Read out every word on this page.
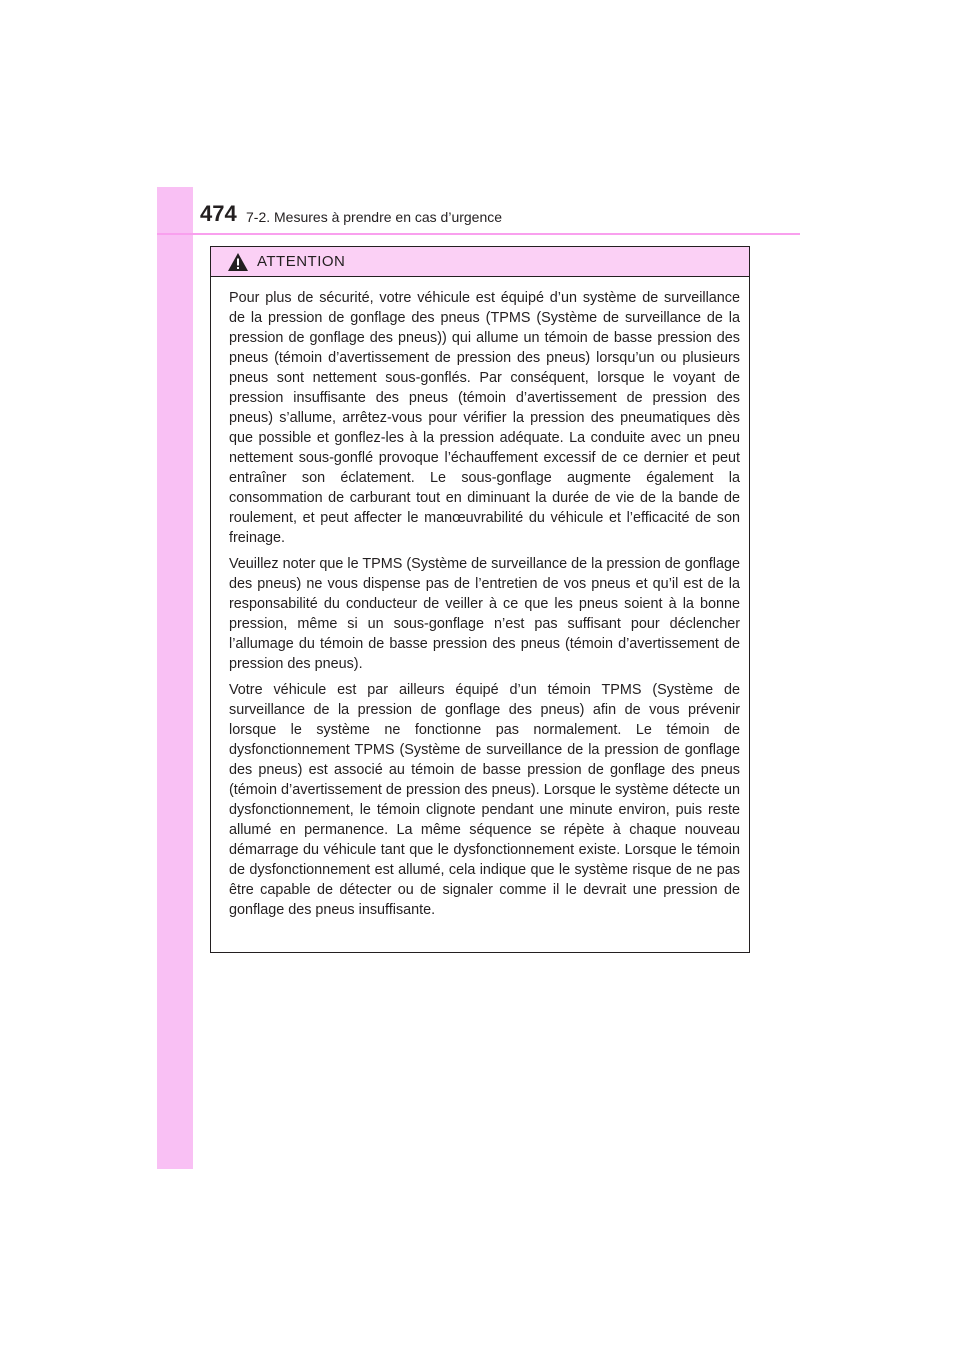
474 7-2. Mesures à prendre en cas d’urgence
ATTENTION

Pour plus de sécurité, votre véhicule est équipé d’un système de surveillance de la pression de gonflage des pneus (TPMS (Système de surveillance de la pression de gonflage des pneus)) qui allume un témoin de basse pression des pneus (témoin d’avertissement de pression des pneus) lorsqu’un ou plusieurs pneus sont nettement sous-gonflés. Par conséquent, lorsque le voyant de pression insuffisante des pneus (témoin d’avertissement de pression des pneus) s’allume, arrêtez-vous pour vérifier la pression des pneumatiques dès que possible et gonflez-les à la pression adéquate. La conduite avec un pneu nettement sous-gonflé provoque l’échauffement excessif de ce dernier et peut entraîner son éclatement. Le sous-gonflage augmente également la consommation de carburant tout en diminuant la durée de vie de la bande de roulement, et peut affecter le manœuvrabilité du véhicule et l’efficacité de son freinage.

Veuillez noter que le TPMS (Système de surveillance de la pression de gonflage des pneus) ne vous dispense pas de l’entretien de vos pneus et qu’il est de la responsabilité du conducteur de veiller à ce que les pneus soient à la bonne pression, même si un sous-gonflage n’est pas suffisant pour déclencher l’allumage du témoin de basse pression des pneus (témoin d’avertissement de pression des pneus).

Votre véhicule est par ailleurs équipé d’un témoin TPMS (Système de surveillance de la pression de gonflage des pneus) afin de vous prévenir lorsque le système ne fonctionne pas normalement. Le témoin de dysfonctionnement TPMS (Système de surveillance de la pression de gonflage des pneus) est associé au témoin de basse pression de gonflage des pneus (témoin d’avertissement de pression des pneus). Lorsque le système détecte un dysfonctionnement, le témoin clignote pendant une minute environ, puis reste allumé en permanence. La même séquence se répète à chaque nouveau démarrage du véhicule tant que le dysfonctionnement existe. Lorsque le témoin de dysfonctionnement est allumé, cela indique que le système risque de ne pas être capable de détecter ou de signaler comme il le devrait une pression de gonflage des pneus insuffisante.
